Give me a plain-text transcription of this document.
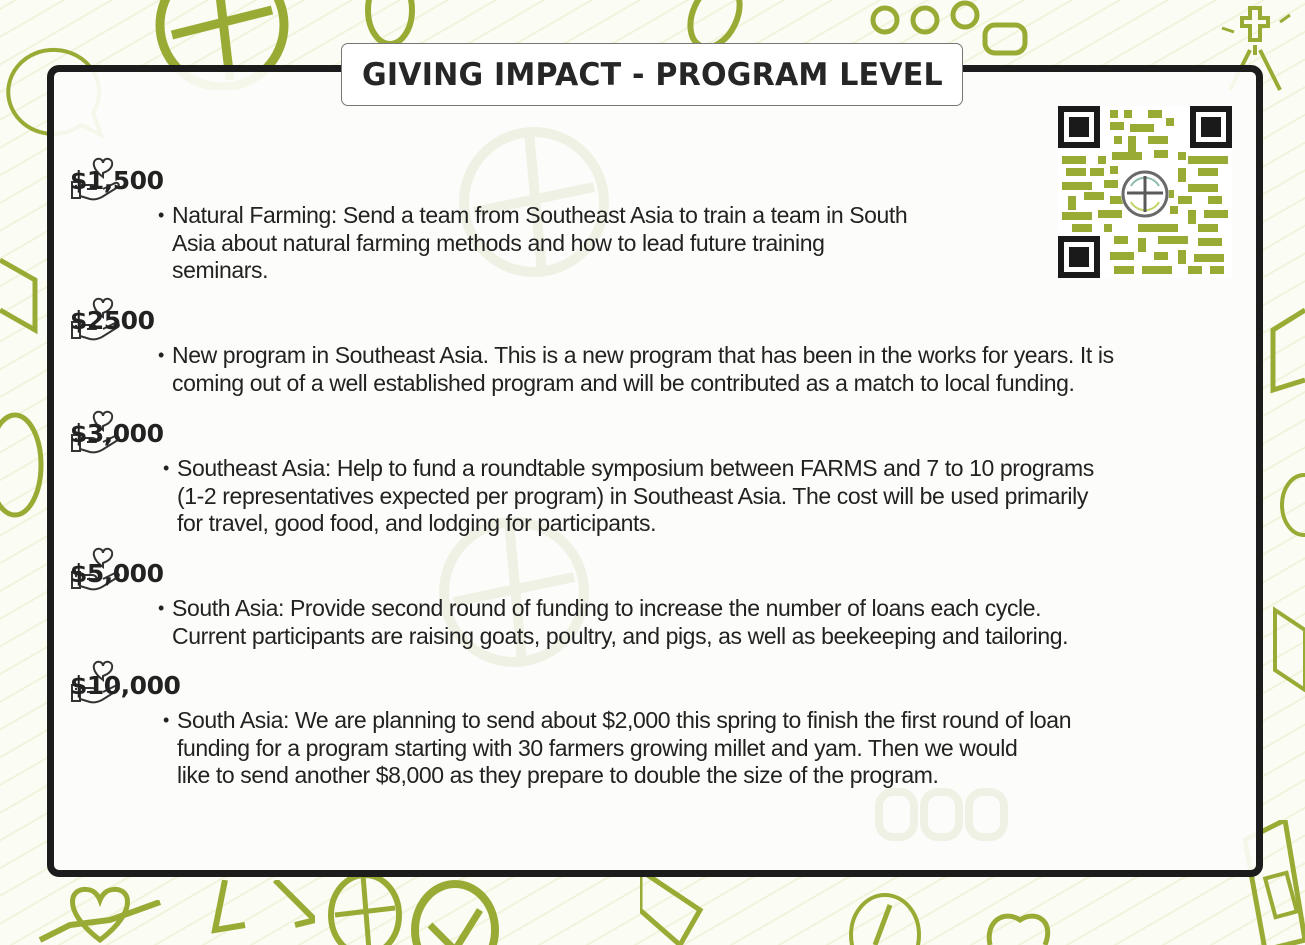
GIVING IMPACT - PROGRAM LEVEL
$1,500
• Natural Farming: Send a team from Southeast Asia to train a team in South

Asia about natural farming methods and how to lead future training

seminars.

$2500
• New program in Southeast Asia. This is a new program that has been in the works for years. It is

coming out of a well established program and will be contributed as a match to local funding.

$3,000
• Southeast Asia: Help to fund a roundtable symposium between FARMS and 7 to 10 programs

(1-2 representatives expected per program) in Southeast Asia. The cost will be used primarily

for travel, good food, and lodging for participants.

$5,000
• South Asia: Provide second round of funding to increase the number of loans each cycle.

Current participants are raising goats, poultry, and pigs, as well as beekeeping and tailoring.

$10,000
• South Asia: We are planning to send about $2,000 this spring to finish the first round of loan

funding for a program starting with 30 farmers growing millet and yam. Then we would

like to send another $8,000 as they prepare to double the size of the program.
